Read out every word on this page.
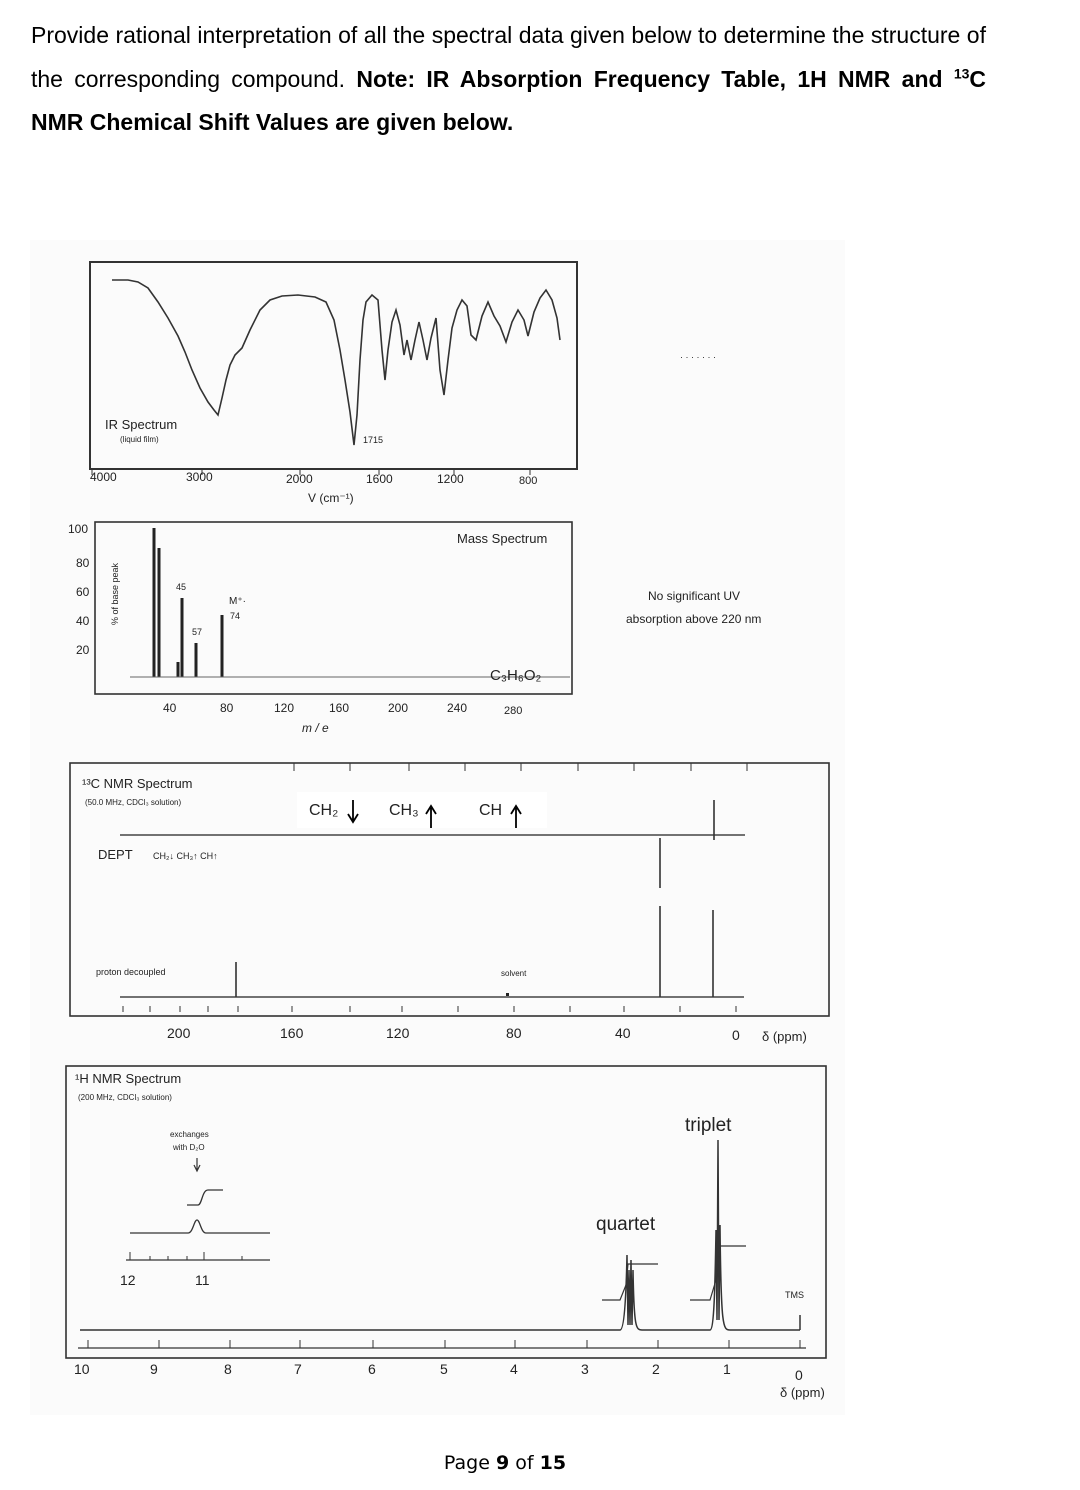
Provide rational interpretation of all the spectral data given below to determine the structure of the corresponding compound. Note: IR Absorption Frequency Table, 1H NMR and $^{13}$C NMR Chemical Shift Values are given below.
IR Spectrum
(liquid film)	1715
4000	3000	2000	1600	1200	800
V (cm⁻¹)
· · · · · · ·
Mass Spectrum
100
80
60
40
20
% of base peak	45
57
M⁺·
74
C₃H₆O₂
40	80	120	160	200	240	280
m / e
No significant UV
absorption above 220 nm
¹³C NMR Spectrum
(50.0 MHz, CDCl₃ solution)	CH₂	CH₃	CH
DEPT CH₂↓ CH₃↑ CH↑
proton decoupled	solvent
200	160	120	80	40	0 δ (ppm)
¹H NMR Spectrum
(200 MHz, CDCl₃ solution)
exchanges
with D₂O
12	11
triplet
quartet
TMS
10	9	8	7	6	5	4	3	2	1	0
δ (ppm)
Page 9 of 15
